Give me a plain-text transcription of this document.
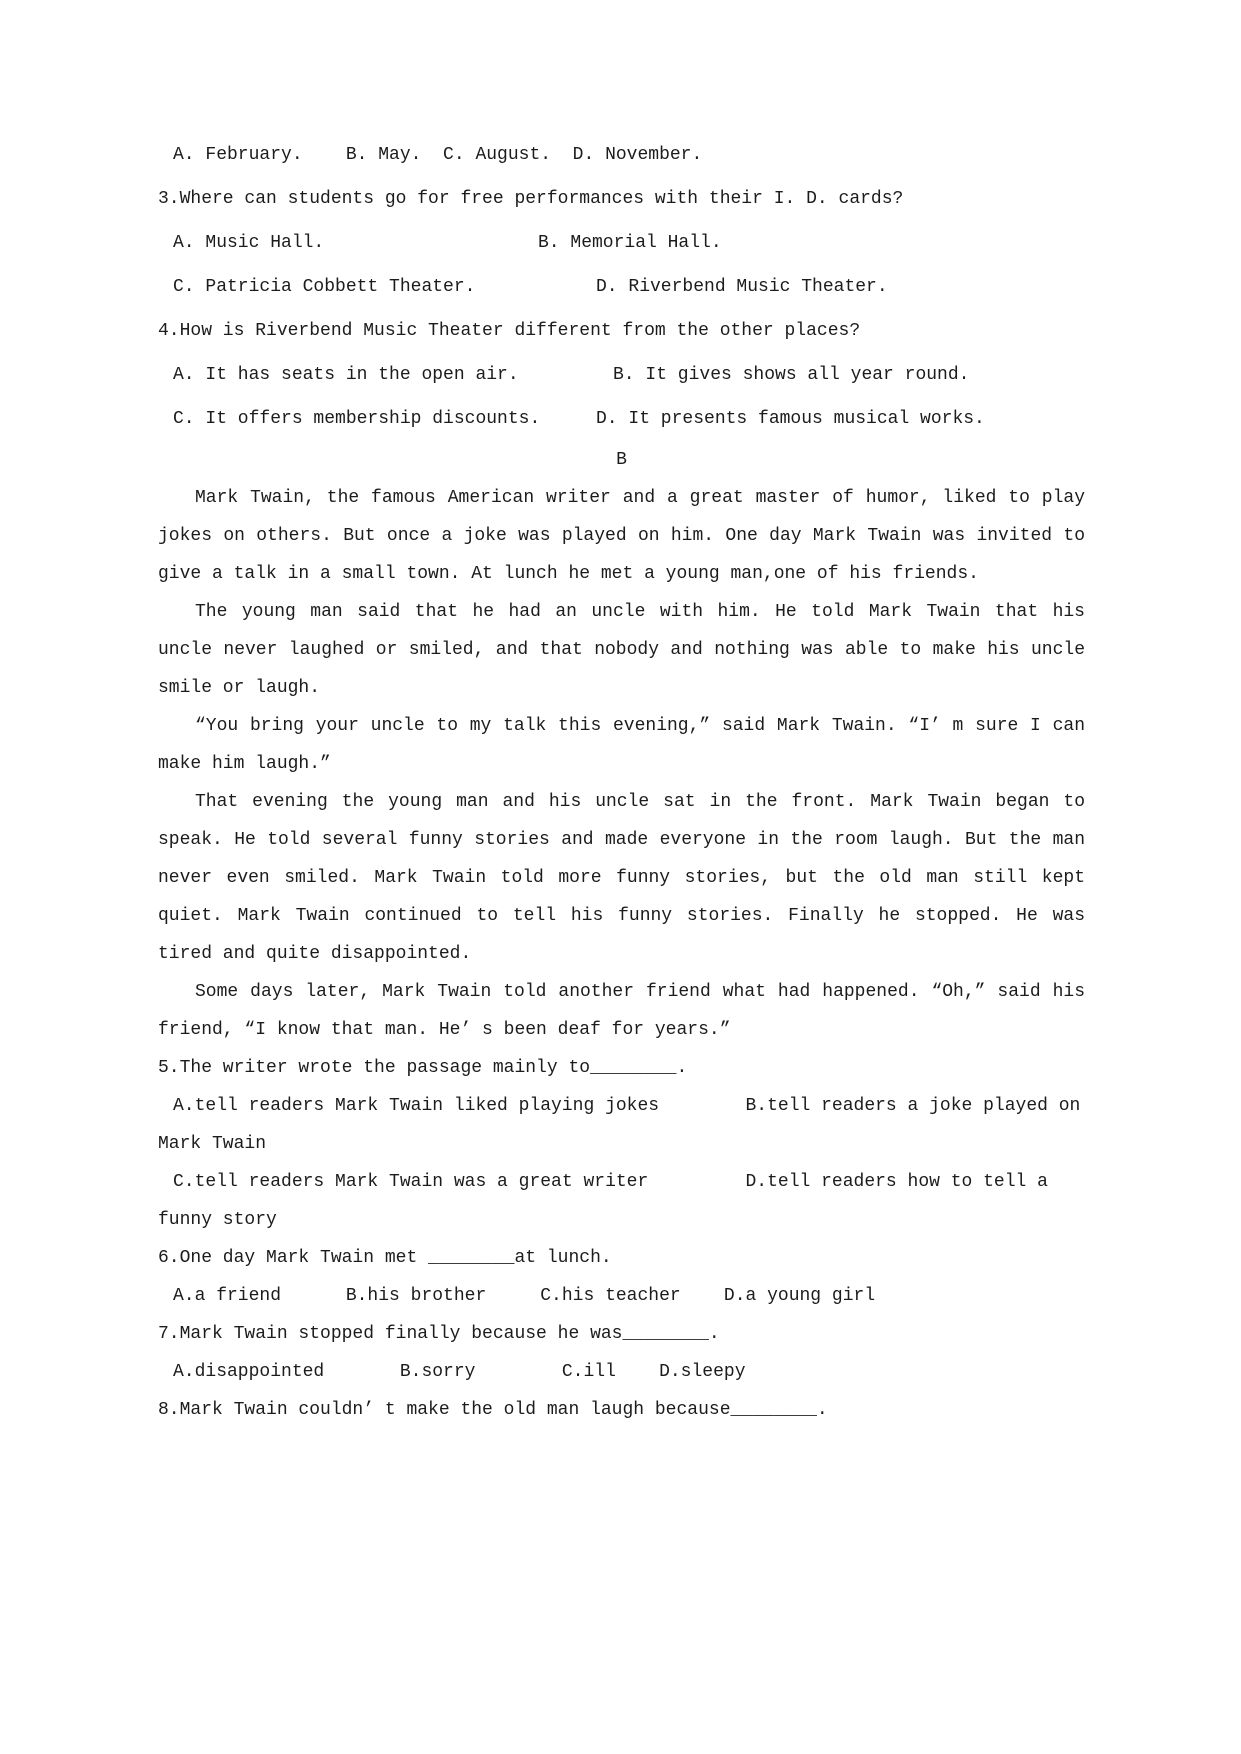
A. February.    B. May.  C. August.  D. November.
3.Where can students go for free performances with their I. D. cards?
A. Music Hall.	B. Memorial Hall.
C. Patricia Cobbett Theater.	D. Riverbend Music Theater.
4.How is Riverbend Music Theater different from the other places?
A. It has seats in the open air.	B. It gives shows all year round.
C. It offers membership discounts.	D. It presents famous musical works.
B

Mark Twain, the famous American writer and a great master of humor, liked to play jokes on others. But once a joke was played on him. One day Mark Twain was invited to give a talk in a small town. At lunch he met a young man,one of his friends.

The young man said that he had an uncle with him. He told Mark Twain that his uncle never laughed or smiled, and that nobody and nothing was able to make his uncle smile or laugh.

“You bring your uncle to my talk this evening,” said Mark Twain. “I’ m sure I can make him laugh.”

That evening the young man and his uncle sat in the front. Mark Twain began to speak. He told several funny stories and made everyone in the room laugh. But the man never even smiled. Mark Twain told more funny stories, but the old man still kept quiet. Mark Twain continued to tell his funny stories. Finally he stopped. He was tired and quite disappointed.

Some days later, Mark Twain told another friend what had happened. “Oh,” said his friend, “I know that man. He’ s been deaf for years.”

5.The writer wrote the passage mainly to________.
A.tell readers Mark Twain liked playing jokes        B.tell readers a joke played on Mark Twain
C.tell readers Mark Twain was a great writer         D.tell readers how to tell a funny story
6.One day Mark Twain met ________at lunch.
A.a friend      B.his brother     C.his teacher    D.a young girl
7.Mark Twain stopped finally because he was________.
A.disappointed       B.sorry        C.ill    D.sleepy
8.Mark Twain couldn’ t make the old man laugh because________.
